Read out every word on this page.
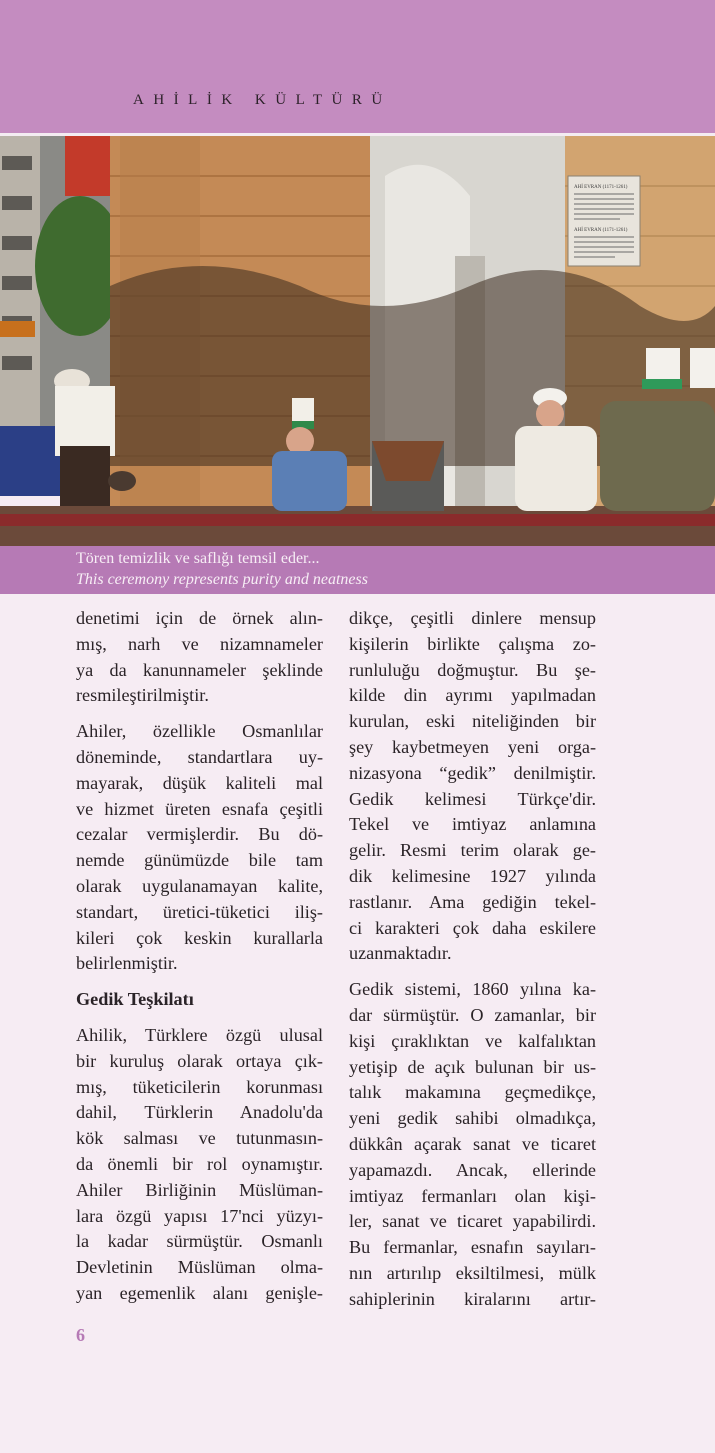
AHİLİK KÜLTÜRÜ
AHİ EVRAN (1171-1261)
AHİ EVRAN (1171-1261)
Tören temizlik ve saflığı temsil eder...
This ceremony represents purity and neatness

denetimi için de örnek alın-
mış, narh ve nizamnameler
ya da kanunnameler şeklinde
resmileştirilmiştir.

Ahiler, özellikle Osmanlılar
döneminde, standartlara uy-
mayarak, düşük kaliteli mal
ve hizmet üreten esnafa çeşitli
cezalar vermişlerdir. Bu dö-
nemde günümüzde bile tam
olarak uygulanamayan kalite,
standart, üretici-tüketici iliş-
kileri çok keskin kurallarla
belirlenmiştir.

Gedik Teşkilatı

Ahilik, Türklere özgü ulusal
bir kuruluş olarak ortaya çık-
mış, tüketicilerin korunması
dahil, Türklerin Anadolu'da
kök salması ve tutunmasın-
da önemli bir rol oynamıştır.
Ahiler Birliğinin Müslüman-
lara özgü yapısı 17'nci yüzyı-
la kadar sürmüştür. Osmanlı
Devletinin Müslüman olma-
yan egemenlik alanı genişle-

dikçe, çeşitli dinlere mensup
kişilerin birlikte çalışma zo-
runluluğu doğmuştur. Bu şe-
kilde din ayrımı yapılmadan
kurulan, eski niteliğinden bir
şey kaybetmeyen yeni orga-
nizasyona “gedik” denilmiştir.
Gedik kelimesi Türkçe'dir.
Tekel ve imtiyaz anlamına
gelir. Resmi terim olarak ge-
dik kelimesine 1927 yılında
rastlanır. Ama gediğin tekel-
ci karakteri çok daha eskilere
uzanmaktadır.

Gedik sistemi, 1860 yılına ka-
dar sürmüştür. O zamanlar, bir
kişi çıraklıktan ve kalfalıktan
yetişip de açık bulunan bir us-
talık makamına geçmedikçe,
yeni gedik sahibi olmadıkça,
dükkân açarak sanat ve ticaret
yapamazdı. Ancak, ellerinde
imtiyaz fermanları olan kişi-
ler, sanat ve ticaret yapabilirdi.
Bu fermanlar, esnafın sayıları-
nın artırılıp eksiltilmesi, mülk
sahiplerinin kiralarını artır-

6
